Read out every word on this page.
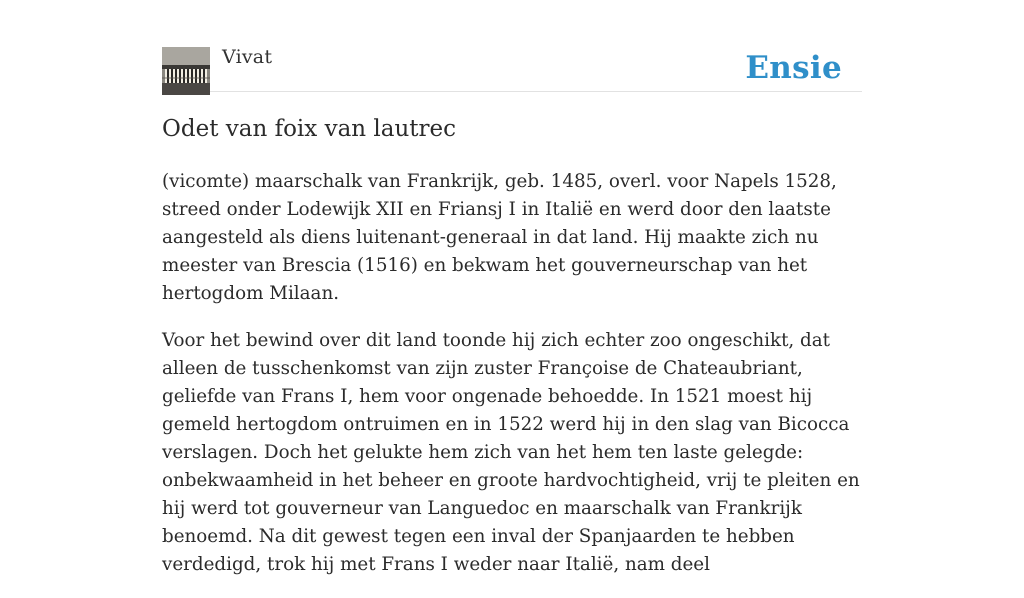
Vivat	Ensie
Odet van foix van lautrec

(vicomte) maarschalk van Frankrijk, geb. 1485, overl. voor Napels 1528, streed onder Lodewijk XII en Friansj I in Italië en werd door den laatste aangesteld als diens luitenant-generaal in dat land. Hij maakte zich nu meester van Brescia (1516) en bekwam het gouverneurschap van het hertogdom Milaan.

Voor het bewind over dit land toonde hij zich echter zoo ongeschikt, dat alleen de tusschenkomst van zijn zuster Françoise de Chateaubriant, geliefde van Frans I, hem voor ongenade behoedde. In 1521 moest hij gemeld hertogdom ontruimen en in 1522 werd hij in den slag van Bicocca verslagen. Doch het gelukte hem zich van het hem ten laste gelegde: onbekwaamheid in het beheer en groote hardvochtigheid, vrij te pleiten en hij werd tot gouverneur van Languedoc en maarschalk van Frankrijk benoemd. Na dit gewest tegen een inval der Spanjaarden te hebben verdedigd, trok hij met Frans I weder naar Italië, nam deel
